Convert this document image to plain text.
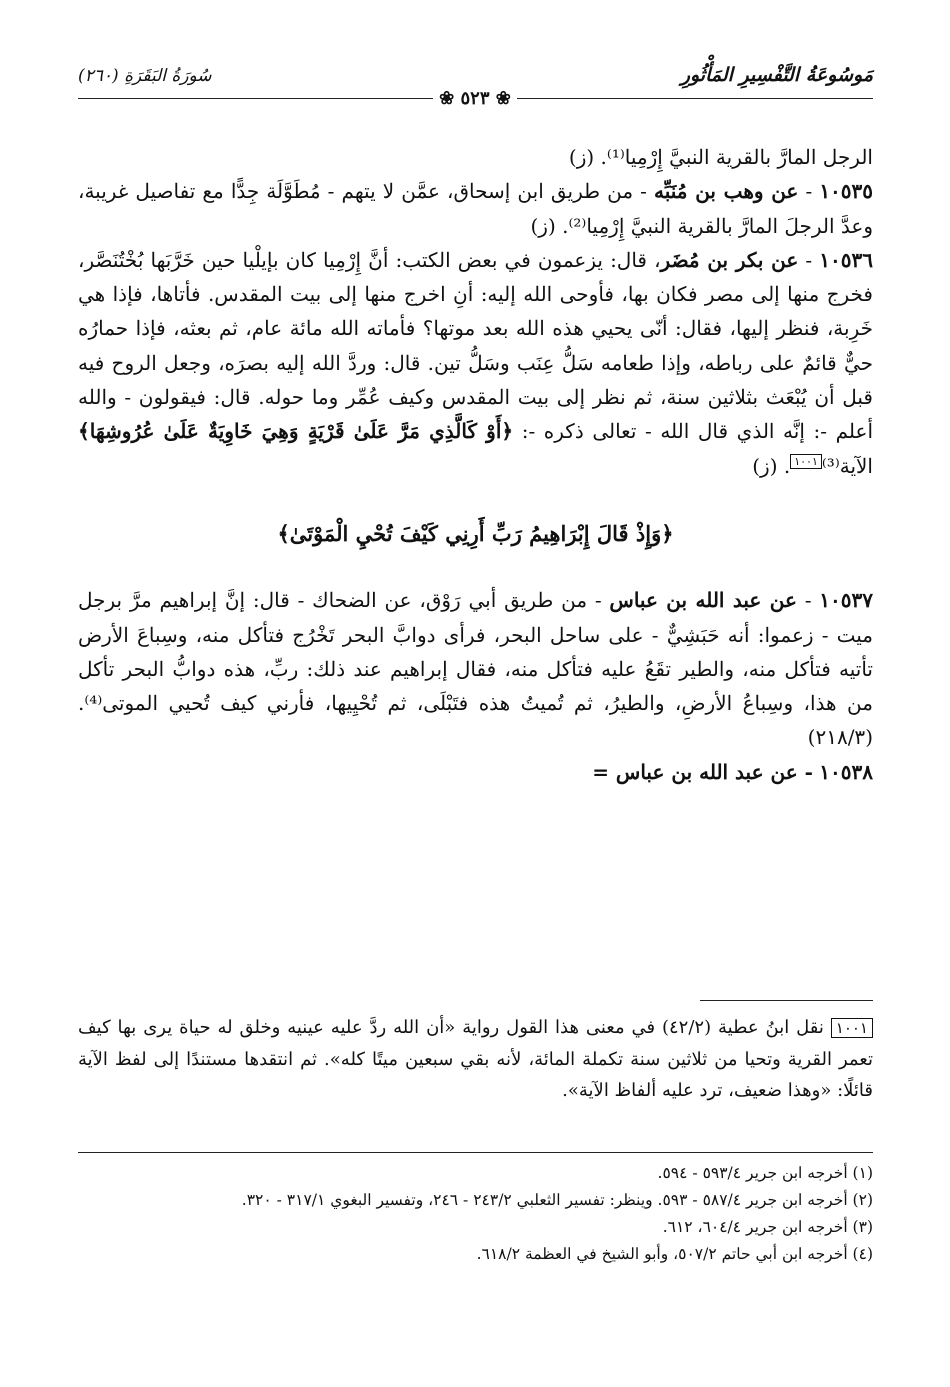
مَوسُوعَةُ التَّفْسِيرِ المَأْثُورِ
سُورَةُ البَقَرَةِ (٢٦٠)
❀ ٥٢٣ ❀

الرجل المارَّ بالقرية النبيَّ إِرْمِيا⁽¹⁾. (ز)

١٠٥٣٥ - عن وهب بن مُنَبِّه - من طريق ابن إسحاق، عمَّن لا يتهم - مُطَوَّلَة جِدًّا مع تفاصيل غريبة، وعدَّ الرجلَ المارَّ بالقرية النبيَّ إِرْمِيا⁽²⁾. (ز)

١٠٥٣٦ - عن بكر بن مُضَر، قال: يزعمون في بعض الكتب: أنَّ إِرْمِيا كان بإيلْيا حين خَرَّبَها بُخْتُنَصَّر، فخرج منها إلى مصر فكان بها، فأوحى الله إليه: أنِ اخرج منها إلى بيت المقدس. فأتاها، فإذا هي خَرِبة، فنظر إليها، فقال: أنّى يحيي هذه الله بعد موتها؟ فأماته الله مائة عام، ثم بعثه، فإذا حمارُه حيٌّ قائمٌ على رباطه، وإذا طعامه سَلُّ عِنَب وسَلُّ تين. قال: وردَّ الله إليه بصرَه، وجعل الروح فيه قبل أن يُبْعَث بثلاثين سنة، ثم نظر إلى بيت المقدس وكيف عُمِّر وما حوله. قال: فيقولون - والله أعلم -: إنَّه الذي قال الله - تعالى ذكره -: ﴿أَوْ كَالَّذِي مَرَّ عَلَىٰ قَرْيَةٍ وَهِيَ خَاوِيَةٌ عَلَىٰ عُرُوشِهَا﴾ الآية⁽³⁾١٠٠١. (ز)

﴿وَإِذْ قَالَ إِبْرَاهِيمُ رَبِّ أَرِنِي كَيْفَ تُحْيِ الْمَوْتَىٰ﴾

١٠٥٣٧ - عن عبد الله بن عباس - من طريق أبي رَوْق، عن الضحاك - قال: إنَّ إبراهيم مرَّ برجل ميت - زعموا: أنه حَبَشِيٌّ - على ساحل البحر، فرأى دوابَّ البحر تَخْرُج فتأكل منه، وسِباعَ الأرض تأتيه فتأكل منه، والطير تقَعُ عليه فتأكل منه، فقال إبراهيم عند ذلك: ربِّ، هذه دوابُّ البحر تأكل من هذا، وسِباعُ الأرضِ، والطيرُ، ثم تُميتُ هذه فتَبْلَى، ثم تُحْيِيها، فأرني كيف تُحيي الموتى⁽⁴⁾. (٢١٨/٣)

١٠٥٣٨ - عن عبد الله بن عباس =

١٠٠١ نقل ابنُ عطية (٤٢/٢) في معنى هذا القول رواية «أن الله ردَّ عليه عينيه وخلق له حياة يرى بها كيف تعمر القرية وتحيا من ثلاثين سنة تكملة المائة، لأنه بقي سبعين ميتًا كله». ثم انتقدها مستندًا إلى لفظ الآية قائلًا: «وهذا ضعيف، ترد عليه ألفاظ الآية».

(١) أخرجه ابن جرير ٥٩٣/٤ - ٥٩٤.

(٢) أخرجه ابن جرير ٥٨٧/٤ - ٥٩٣. وينظر: تفسير الثعلبي ٢٤٣/٢ - ٢٤٦، وتفسير البغوي ٣١٧/١ - ٣٢٠.

(٣) أخرجه ابن جرير ٦٠٤/٤، ٦١٢.

(٤) أخرجه ابن أبي حاتم ٥٠٧/٢، وأبو الشيخ في العظمة ٦١٨/٢.
